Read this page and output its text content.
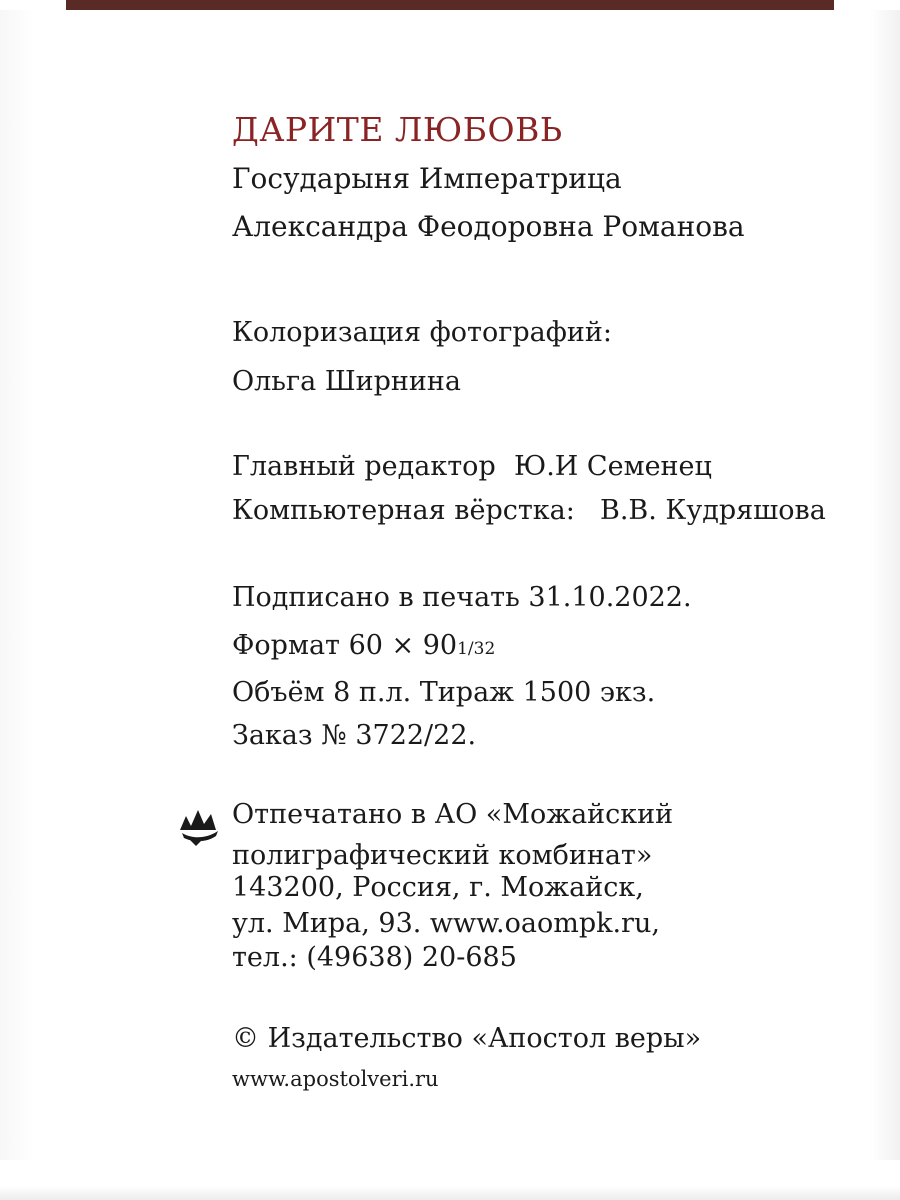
ДАРИТЕ ЛЮБОВЬ
Государыня Императрица
Александра Феодоровна Романова
Колоризация фотографий:
Ольга Ширнина
Главный редактор Ю.И Семенец
Компьютерная вёрстка: В.В. Кудряшова
Подписано в печать 31.10.2022.
Формат 60 × 901/32
Объём 8 п.л. Тираж 1500 экз.
Заказ № 3722/22.
Отпечатано в АО «Можайский
полиграфический комбинат»
143200, Россия, г. Можайск,
ул. Мира, 93. www.oaompk.ru,
тел.: (49638) 20-685
© Издательство «Апостол веры»
www.apostolveri.ru
